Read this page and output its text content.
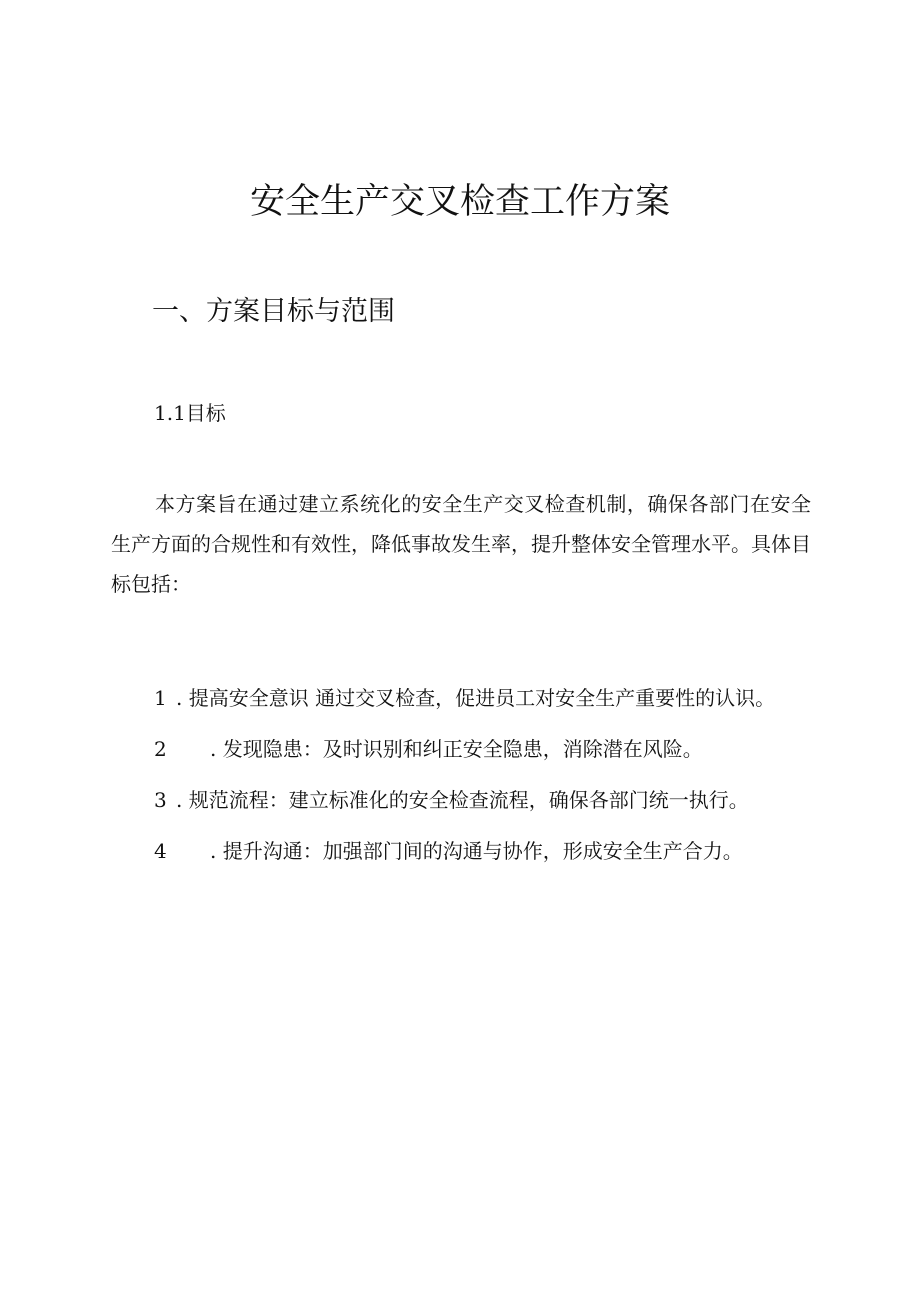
安全生产交叉检查工作方案
一、方案目标与范围
1.1目标

本方案旨在通过建立系统化的安全生产交叉检查机制，确保各部门在安全生产方面的合规性和有效性，降低事故发生率，提升整体安全管理水平。具体目标包括：

1 . 提高安全意识 通过交叉检查，促进员工对安全生产重要性的认识。
2 . 发现隐患：及时识别和纠正安全隐患，消除潜在风险。
3 . 规范流程：建立标准化的安全检查流程，确保各部门统一执行。
4 . 提升沟通：加强部门间的沟通与协作，形成安全生产合力。
